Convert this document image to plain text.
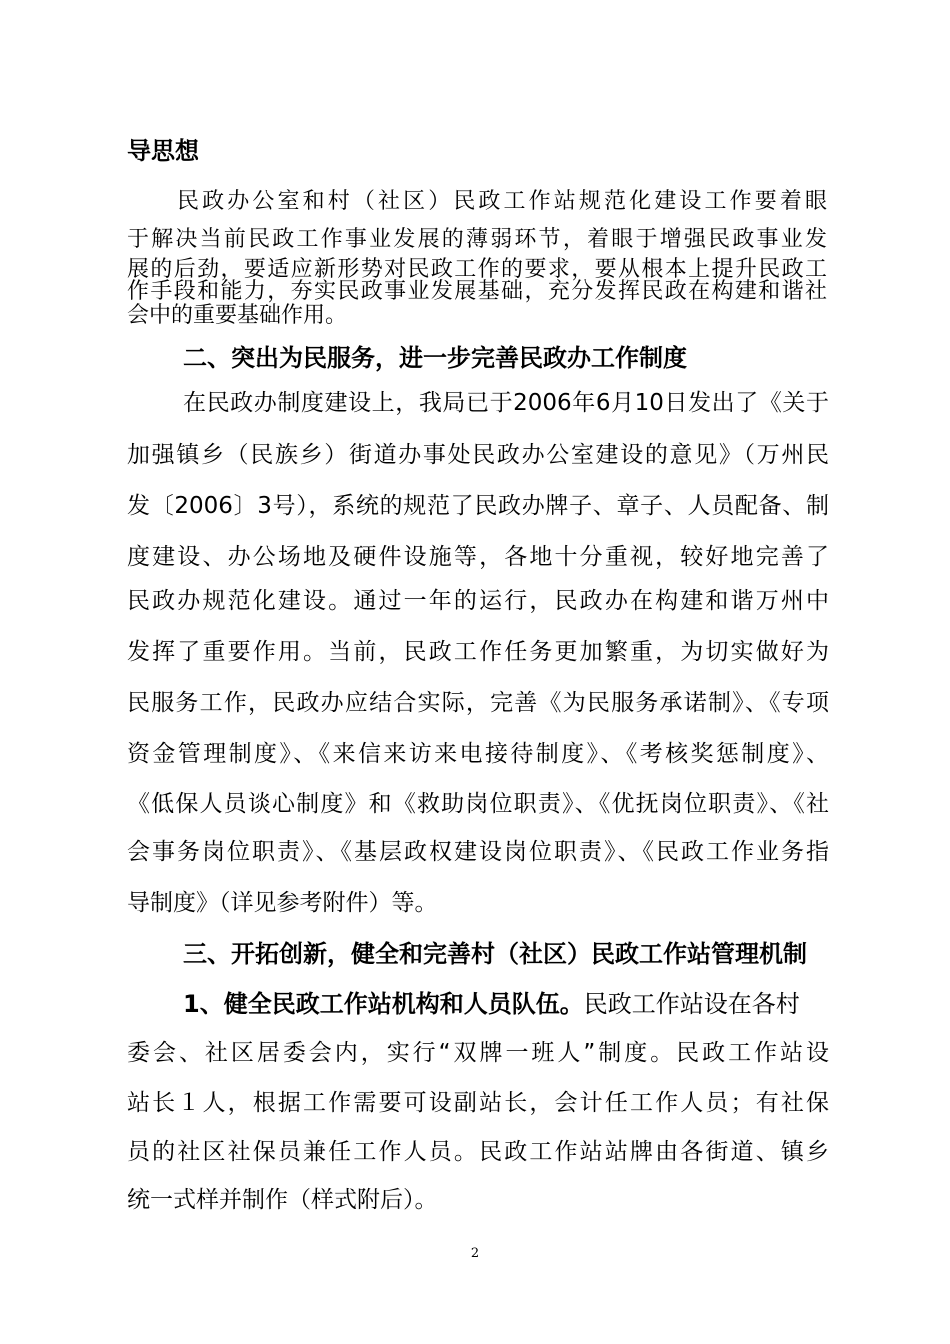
导思想
民政办公室和村（社区）民政工作站规范化建设工作要着眼
于解决当前民政工作事业发展的薄弱环节，着眼于增强民政事业发
展的后劲，要适应新形势对民政工作的要求，要从根本上提升民政工
作手段和能力，夯实民政事业发展基础，充分发挥民政在构建和谐社
会中的重要基础作用。
二、突出为民服务，进一步完善民政办工作制度
在民政办制度建设上，我局已于2006年6月10日发出了《关于
加强镇乡（民族乡）街道办事处民政办公室建设的意见》（万州民
发〔2006〕3号），系统的规范了民政办牌子、章子、人员配备、制
度建设、办公场地及硬件设施等，各地十分重视，较好地完善了
民政办规范化建设。通过一年的运行，民政办在构建和谐万州中
发挥了重要作用。当前，民政工作任务更加繁重，为切实做好为
民服务工作，民政办应结合实际，完善《为民服务承诺制》、《专项
资金管理制度》、《来信来访来电接待制度》、《考核奖惩制度》、
《低保人员谈心制度》和《救助岗位职责》、《优抚岗位职责》、《社
会事务岗位职责》、《基层政权建设岗位职责》、《民政工作业务指
导制度》（详见参考附件）等。
三、开拓创新，健全和完善村（社区）民政工作站管理机制
1、健全民政工作站机构和人员队伍。民政工作站设在各村
委会、社区居委会内，实行“双牌一班人”制度。民政工作站设
站长１人，根据工作需要可设副站长，会计任工作人员；有社保
员的社区社保员兼任工作人员。民政工作站站牌由各街道、镇乡
统一式样并制作（样式附后）。
2
